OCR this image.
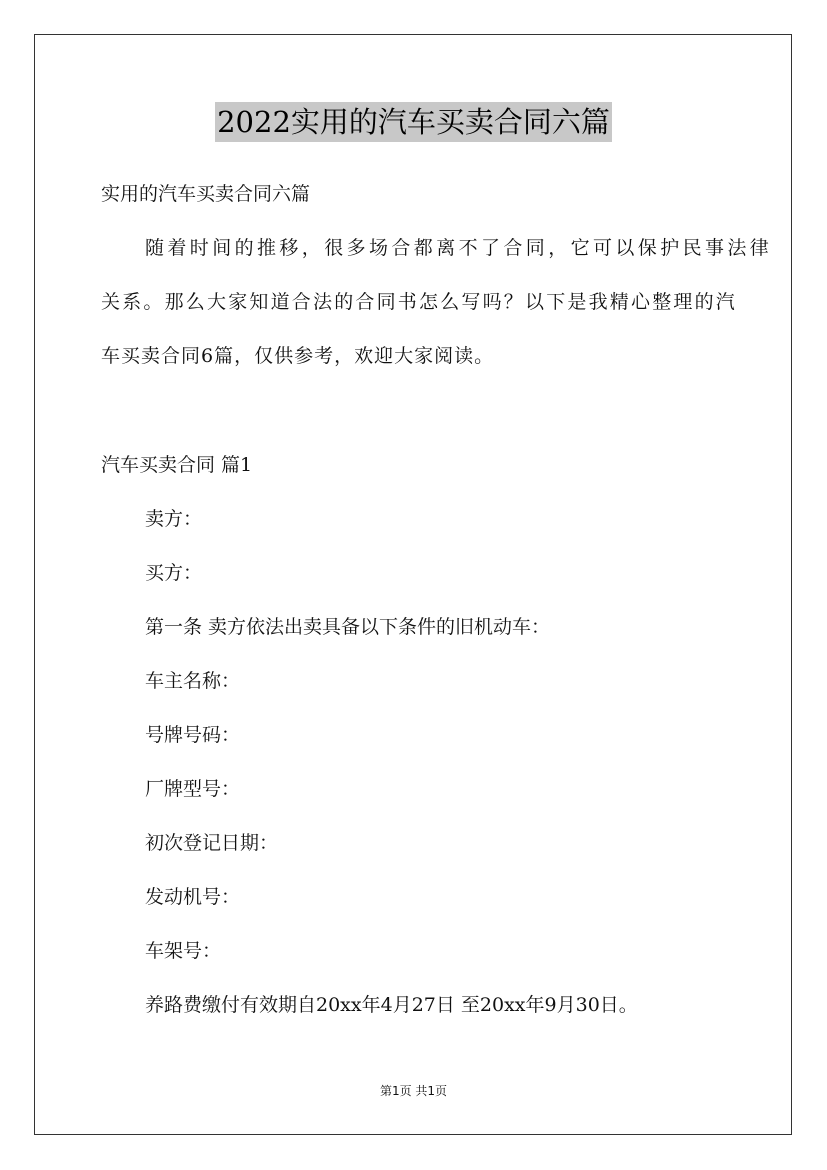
2022实用的汽车买卖合同六篇
实用的汽车买卖合同六篇
随着时间的推移，很多场合都离不了合同，它可以保护民事法律
关系。那么大家知道合法的合同书怎么写吗？以下是我精心整理的汽
车买卖合同6篇，仅供参考，欢迎大家阅读。
汽车买卖合同 篇1
卖方：
买方：
第一条 卖方依法出卖具备以下条件的旧机动车：
车主名称：
号牌号码：
厂牌型号：
初次登记日期：
发动机号：
车架号：
养路费缴付有效期自20xx年4月27日 至20xx年9月30日。
第1页 共1页
